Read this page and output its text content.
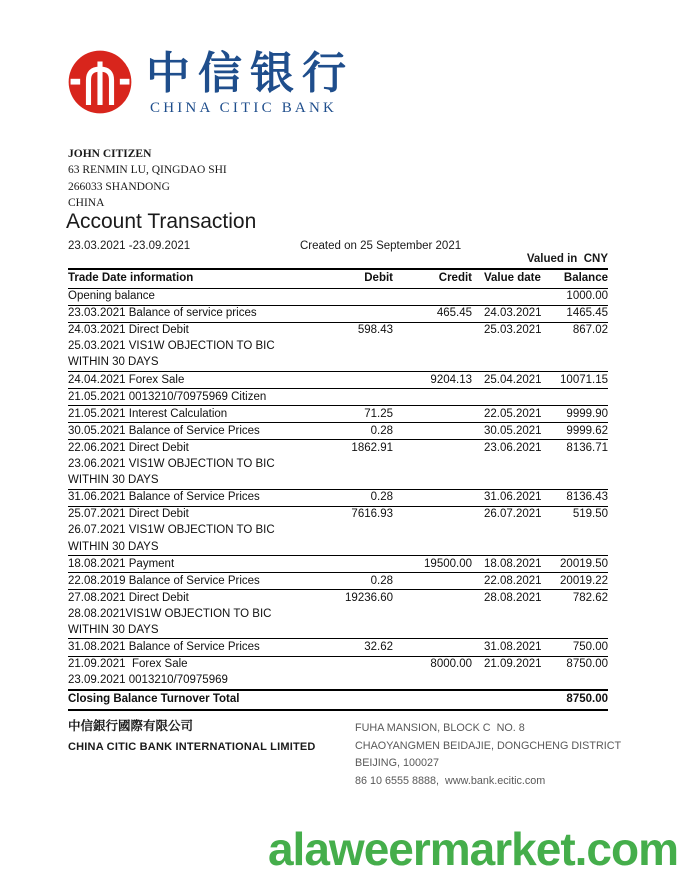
中信银行
CHINA CITIC BANK
JOHN CITIZEN
63 RENMIN LU, QINGDAO SHI
266033 SHANDONG
CHINA
Account Transaction
23.03.2021 -23.09.2021	Created on 25 September 2021
Valued in  CNY
Trade Date information	Debit	Credit	Value date	Balance
Opening balance				1000.00
23.03.2021 Balance of service prices		465.45	24.03.2021	1465.45
24.03.2021 Direct Debit	598.43		25.03.2021	867.02
25.03.2021 VIS1W OBJECTION TO BIC				
WITHIN 30 DAYS				
24.04.2021 Forex Sale		9204.13	25.04.2021	10071.15
21.05.2021 0013210/70975969 Citizen				
21.05.2021 Interest Calculation	71.25		22.05.2021	9999.90
30.05.2021 Balance of Service Prices	0.28		30.05.2021	9999.62
22.06.2021 Direct Debit	1862.91		23.06.2021	8136.71
23.06.2021 VIS1W OBJECTION TO BIC				
WITHIN 30 DAYS				
31.06.2021 Balance of Service Prices	0.28		31.06.2021	8136.43
25.07.2021 Direct Debit	7616.93		26.07.2021	519.50
26.07.2021 VIS1W OBJECTION TO BIC				
WITHIN 30 DAYS				
18.08.2021 Payment		19500.00	18.08.2021	20019.50
22.08.2019 Balance of Service Prices	0.28		22.08.2021	20019.22
27.08.2021 Direct Debit	19236.60		28.08.2021	782.62
28.08.2021VIS1W OBJECTION TO BIC				
WITHIN 30 DAYS				
31.08.2021 Balance of Service Prices	32.62		31.08.2021	750.00
21.09.2021  Forex Sale		8000.00	21.09.2021	8750.00
23.09.2021 0013210/70975969				
Closing Balance Turnover Total				8750.00
中信銀行國際有限公司
CHINA CITIC BANK INTERNATIONAL LIMITED
FUHA MANSION, BLOCK C  NO. 8
CHAOYANGMEN BEIDAJIE, DONGCHENG DISTRICT
BEIJING, 100027
86 10 6555 8888,  www.bank.ecitic.com
alaweermarket.com
